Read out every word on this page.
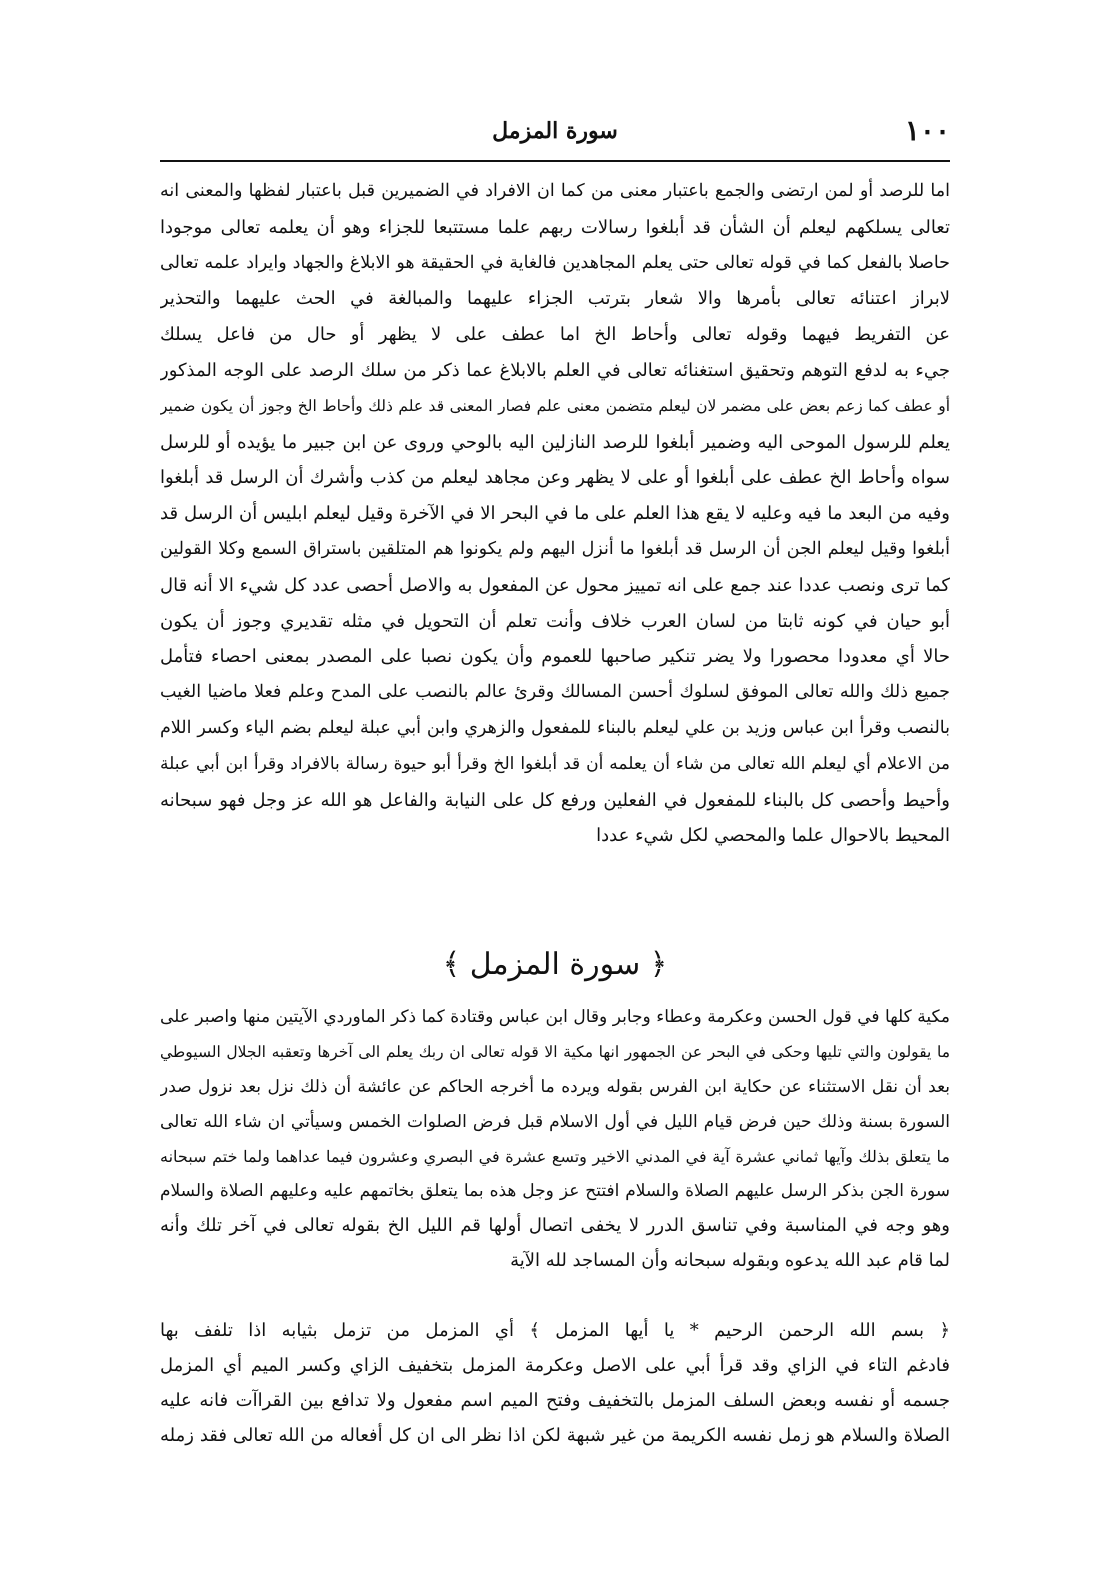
١٠٠
سورة المزمل
اما للرصد أو لمن ارتضى والجمع باعتبار معنى من كما ان الافراد في الضميرين قبل باعتبار لفظها والمعنى انه
تعالى يسلكهم ليعلم أن الشأن قد أبلغوا رسالات ربهم علما مستتبعا للجزاء وهو أن يعلمه تعالى موجودا
حاصلا بالفعل كما في قوله تعالى حتى يعلم المجاهدين فالغاية في الحقيقة هو الابلاغ والجهاد وايراد علمه تعالى
لابراز اعتنائه تعالى بأمرها والا شعار بترتب الجزاء عليهما والمبالغة في الحث عليهما والتحذير
عن التفريط فيهما وقوله تعالى وأحاط الخ اما عطف على لا يظهر أو حال من فاعل يسلك
جيء به لدفع التوهم وتحقيق استغنائه تعالى في العلم بالابلاغ عما ذكر من سلك الرصد على الوجه المذكور
أو عطف كما زعم بعض على مضمر لان ليعلم متضمن معنى علم فصار المعنى قد علم ذلك وأحاط الخ وجوز أن يكون ضمير
يعلم للرسول الموحى اليه وضمير أبلغوا للرصد النازلين اليه بالوحي وروى عن ابن جبير ما يؤيده أو للرسل
سواه وأحاط الخ عطف على أبلغوا أو على لا يظهر وعن مجاهد ليعلم من كذب وأشرك أن الرسل قد أبلغوا
وفيه من البعد ما فيه وعليه لا يقع هذا العلم على ما في البحر الا في الآخرة وقيل ليعلم ابليس أن الرسل قد
أبلغوا وقيل ليعلم الجن أن الرسل قد أبلغوا ما أنزل اليهم ولم يكونوا هم المتلقين باستراق السمع وكلا القولين
كما ترى ونصب عددا عند جمع على انه تمييز محول عن المفعول به والاصل أحصى عدد كل شيء الا أنه قال
أبو حيان في كونه ثابتا من لسان العرب خلاف وأنت تعلم أن التحويل في مثله تقديري وجوز أن يكون
حالا أي معدودا محصورا ولا يضر تنكير صاحبها للعموم وأن يكون نصبا على المصدر بمعنى احصاء فتأمل
جميع ذلك والله تعالى الموفق لسلوك أحسن المسالك وقرئ عالم بالنصب على المدح وعلم فعلا ماضيا الغيب
بالنصب وقرأ ابن عباس وزيد بن علي ليعلم بالبناء للمفعول والزهري وابن أبي عبلة ليعلم بضم الياء وكسر اللام
من الاعلام أي ليعلم الله تعالى من شاء أن يعلمه أن قد أبلغوا الخ وقرأ أبو حيوة رسالة بالافراد وقرأ ابن أبي عبلة
وأحيط وأحصى كل بالبناء للمفعول في الفعلين ورفع كل على النيابة والفاعل هو الله عز وجل فهو سبحانه
المحيط بالاحوال علما والمحصي لكل شيء عددا
﴿ سورة المزمل ﴾
مكية كلها في قول الحسن وعكرمة وعطاء وجابر وقال ابن عباس وقتادة كما ذكر الماوردي الآيتين منها واصبر على
ما يقولون والتي تليها وحكى في البحر عن الجمهور انها مكية الا قوله تعالى ان ربك يعلم الى آخرها وتعقبه الجلال السيوطي
بعد أن نقل الاستثناء عن حكاية ابن الفرس بقوله ويرده ما أخرجه الحاكم عن عائشة أن ذلك نزل بعد نزول صدر
السورة بسنة وذلك حين فرض قيام الليل في أول الاسلام قبل فرض الصلوات الخمس وسيأتي ان شاء الله تعالى
ما يتعلق بذلك وآيها ثماني عشرة آية في المدني الاخير وتسع عشرة في البصري وعشرون فيما عداهما ولما ختم سبحانه
سورة الجن بذكر الرسل عليهم الصلاة والسلام افتتح عز وجل هذه بما يتعلق بخاتمهم عليه وعليهم الصلاة والسلام
وهو وجه في المناسبة وفي تناسق الدرر لا يخفى اتصال أولها قم الليل الخ بقوله تعالى في آخر تلك وأنه
لما قام عبد الله يدعوه وبقوله سبحانه وأن المساجد لله الآية
﴿ بسم الله الرحمن الرحيم * يا أيها المزمل ﴾ أي المزمل من تزمل بثيابه اذا تلفف بها
فادغم التاء في الزاي وقد قرأ أبي على الاصل وعكرمة المزمل بتخفيف الزاي وكسر الميم أي المزمل
جسمه أو نفسه وبعض السلف المزمل بالتخفيف وفتح الميم اسم مفعول ولا تدافع بين القراآت فانه عليه
الصلاة والسلام هو زمل نفسه الكريمة من غير شبهة لكن اذا نظر الى ان كل أفعاله من الله تعالى فقد زمله
